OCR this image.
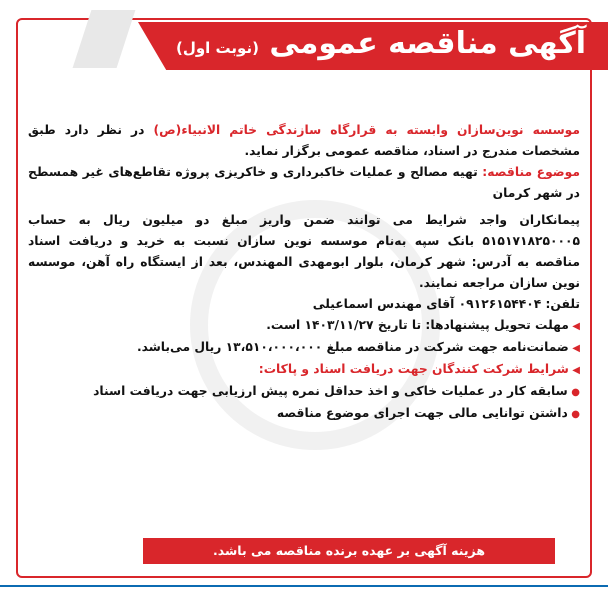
آگهی مناقصه عمومی (نوبت اول)

موسسه نوین‌سازان وابسته به قرارگاه سازندگی خاتم الانبیاء(ص) در نظر دارد طبق مشخصات مندرج در اسناد، مناقصه عمومی برگزار نماید.

موضوع مناقصه: تهیه مصالح و عملیات خاکبرداری و خاکریزی پروژه تقاطع‌های غیر همسطح در شهر کرمان

پیمانکاران واجد شرایط می توانند ضمن واریز مبلغ دو میلیون ریال به حساب ۵۱۵۱۷۱۸۲۵۰۰۰۵ بانک سپه به‌نام موسسه نوین سازان نسبت به خرید و دریافت اسناد مناقصه به آدرس: شهر کرمان، بلوار ابومهدی المهندس، بعد از ایستگاه راه آهن، موسسه نوین سازان مراجعه نمایند.

تلفن: ۰۹۱۲۶۱۵۴۴۰۴ آقای مهندس اسماعیلی

◀ مهلت تحویل پیشنهادها: تا تاریخ ۱۴۰۳/۱۱/۲۷ است.

◀ ضمانت‌نامه جهت شرکت در مناقصه مبلغ ۱۳،۵۱۰،۰۰۰،۰۰۰ ریال می‌باشد.

◀ شرایط شرکت کنندگان جهت دریافت اسناد و پاکات:

● سابقه کار در عملیات خاکی و اخذ حداقل نمره پیش ارزیابی جهت دریافت اسناد

● داشتن توانایی مالی جهت اجرای موضوع مناقصه

هزینه آگهی بر عهده برنده مناقصه می باشد.
